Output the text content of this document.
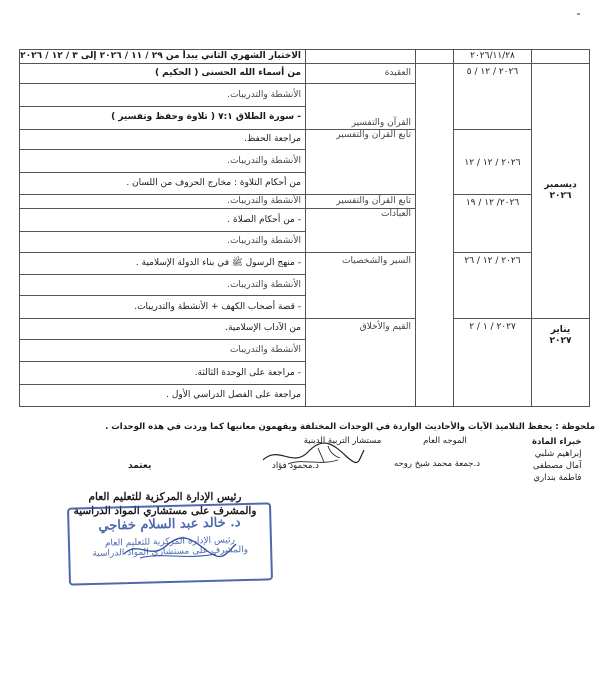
	٢٠٢٦/١١/٢٨			الاختبار الشهري الثاني يبدأ من ٢٩ / ١١ / ٢٠٢٦ إلى ٣ / ١٢ / ٢٠٢٦
ديسمبر
٢٠٢٦	٢٠٢٦ / ١٢ / ٥		العقيدة	من أسماء الله الحسنى ( الحكيم )
			القرآن والتفسير	الأنشطة والتدريبات.
				- سورة الطلاق ٧:١ ( تلاوة وحفظ وتفسير )
	٢٠٢٦ / ١٢ / ١٢		تابع القرآن والتفسير	مراجعة الحفظ.
				الأنشطة والتدريبات.
				من أحكام التلاوة : مخارج الحروف من اللسان .
	٢٠٢٦/ ١٢ / ١٩		تابع القرآن والتفسير	الأنشطة والتدريبات.
			العبادات	- من أحكام الصلاة .
				الأنشطة والتدريبات.
	٢٠٢٦ / ١٢ / ٢٦		السير والشخصيات	- منهج الرسول ﷺ في بناء الدولة الإسلامية .
				الأنشطة والتدريبات.
				- قصة أصحاب الكهف + الأنشطة والتدريبات.
يناير
٢٠٢٧	٢٠٢٧ / ١ / ٢		القيم والأخلاق	من الآداب الإسلامية.
				الأنشطة والتدريبات
				- مراجعة على الوحدة الثالثة.
				مراجعة على الفصل الدراسي الأول .
ملحوظة : يحفظ التلاميذ الآيات والأحاديث الواردة في الوحدات المختلفة ويفهمون معانيها كما وردت في هذه الوحدات .
مستشار التربية الدينية
د.محمود فؤاد
الموجه العام
د.جمعة محمد شيخ روحه
خبراء المادة
إبراهيم شلبي
آمال مصطفى
فاطمة بنداري
يعتمد
رئيس الإدارة المركزية للتعليم العام
والمشرف على مستشاري المواد الدراسية
د. خالد عبد السلام خفاجي
رئيس الإدارة المركزية للتعليم العام
والمشرف على مستشاري المواد الدراسية
